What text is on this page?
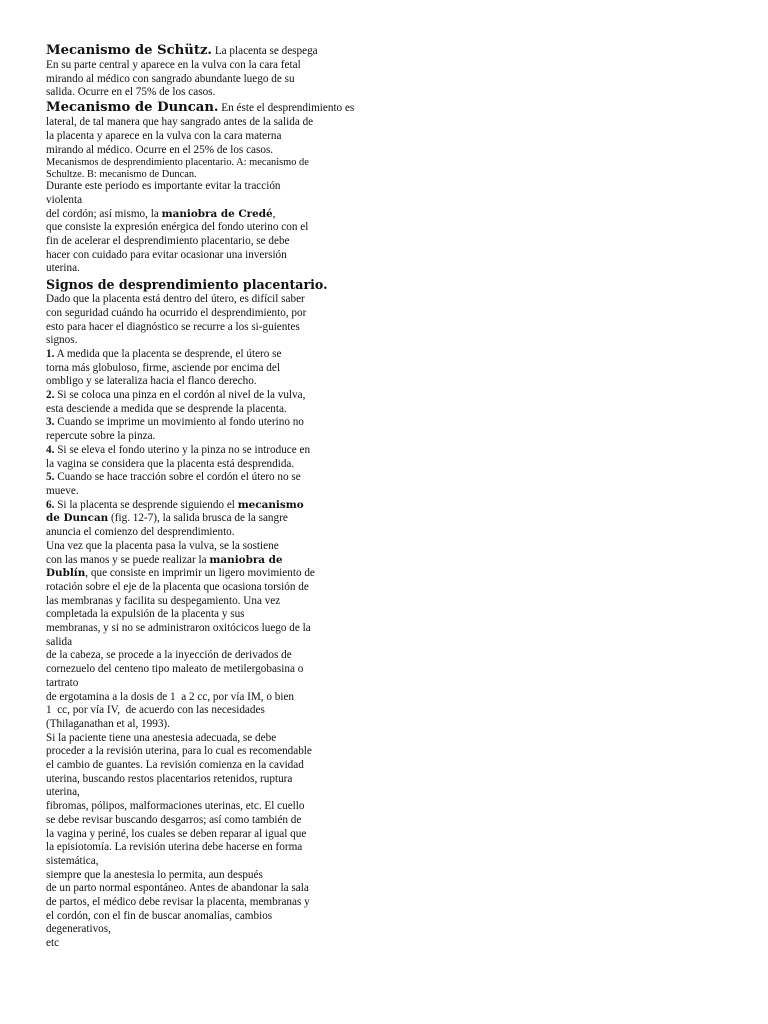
Mecanismo de Schütz. La placenta se despega
En su parte central y aparece en la vulva con la cara fetal
mirando al médico con sangrado abundante luego de su
salida. Ocurre en el 75% de los casos.
Mecanismo de Duncan. En éste el desprendimiento es
lateral, de tal manera que hay sangrado antes de la salida de
la placenta y aparece en la vulva con la cara materna
mirando al médico. Ocurre en el 25% de los casos.
Mecanismos de desprendimiento placentario. A: mecanismo de
Schultze. B: mecanismo de Duncan.
Durante este periodo es importante evitar la tracción
violenta
del cordón; así mismo, la maniobra de Credé,
que consiste la expresión enérgica del fondo uterino con el
fin de acelerar el desprendimiento placentario, se debe
hacer con cuidado para evitar ocasionar una inversión
uterina.
Signos de desprendimiento placentario.
Dado que la placenta está dentro del útero, es difícil saber
con seguridad cuándo ha ocurrido el desprendimiento, por
esto para hacer el diagnóstico se recurre a los si-guientes
signos.
1. A medida que la placenta se desprende, el útero se
torna más globuloso, firme, asciende por encima del
ombligo y se lateraliza hacia el flanco derecho.
2. Si se coloca una pinza en el cordón al nivel de la vulva,
esta desciende a medida que se desprende la placenta.
3. Cuando se imprime un movimiento al fondo uterino no
repercute sobre la pinza.
4. Si se eleva el fondo uterino y la pinza no se introduce en
la vagina se considera que la placenta está desprendida.
5. Cuando se hace tracción sobre el cordón el útero no se
mueve.
6. Si la placenta se desprende siguiendo el mecanismo
de Duncan (fig. 12-7), la salida brusca de la sangre
anuncia el comienzo del desprendimiento.
Una vez que la placenta pasa la vulva, se la sostiene
con las manos y se puede realizar la maniobra de
Dublín, que consiste en imprimir un ligero movimiento de
rotación sobre el eje de la placenta que ocasiona torsión de
las membranas y facilita su despegamiento. Una vez
completada la expulsión de la placenta y sus
membranas, y si no se administraron oxitócicos luego de la
salida
de la cabeza, se procede a la inyección de derivados de
cornezuelo del centeno tipo maleato de metilergobasina o
tartrato
de ergotamina a la dosis de 1  a 2 cc, por vía IM, o bien
1  cc, por vía IV,  de acuerdo con las necesidades
(Thilaganathan et al, 1993).
Si la paciente tiene una anestesia adecuada, se debe
proceder a la revisión uterina, para lo cual es recomendable
el cambio de guantes. La revisión comienza en la cavidad
uterina, buscando restos placentarios retenidos, ruptura
uterina,
fibromas, pólipos, malformaciones uterinas, etc. El cuello
se debe revisar buscando desgarros; así como también de
la vagina y periné, los cuales se deben reparar al igual que
la episiotomía. La revisión uterina debe hacerse en forma
sistemática,
siempre que la anestesia lo permita, aun después
de un parto normal espontáneo. Antes de abandonar la sala
de partos, el médico debe revisar la placenta, membranas y
el cordón, con el fin de buscar anomalías, cambios
degenerativos,
etc
